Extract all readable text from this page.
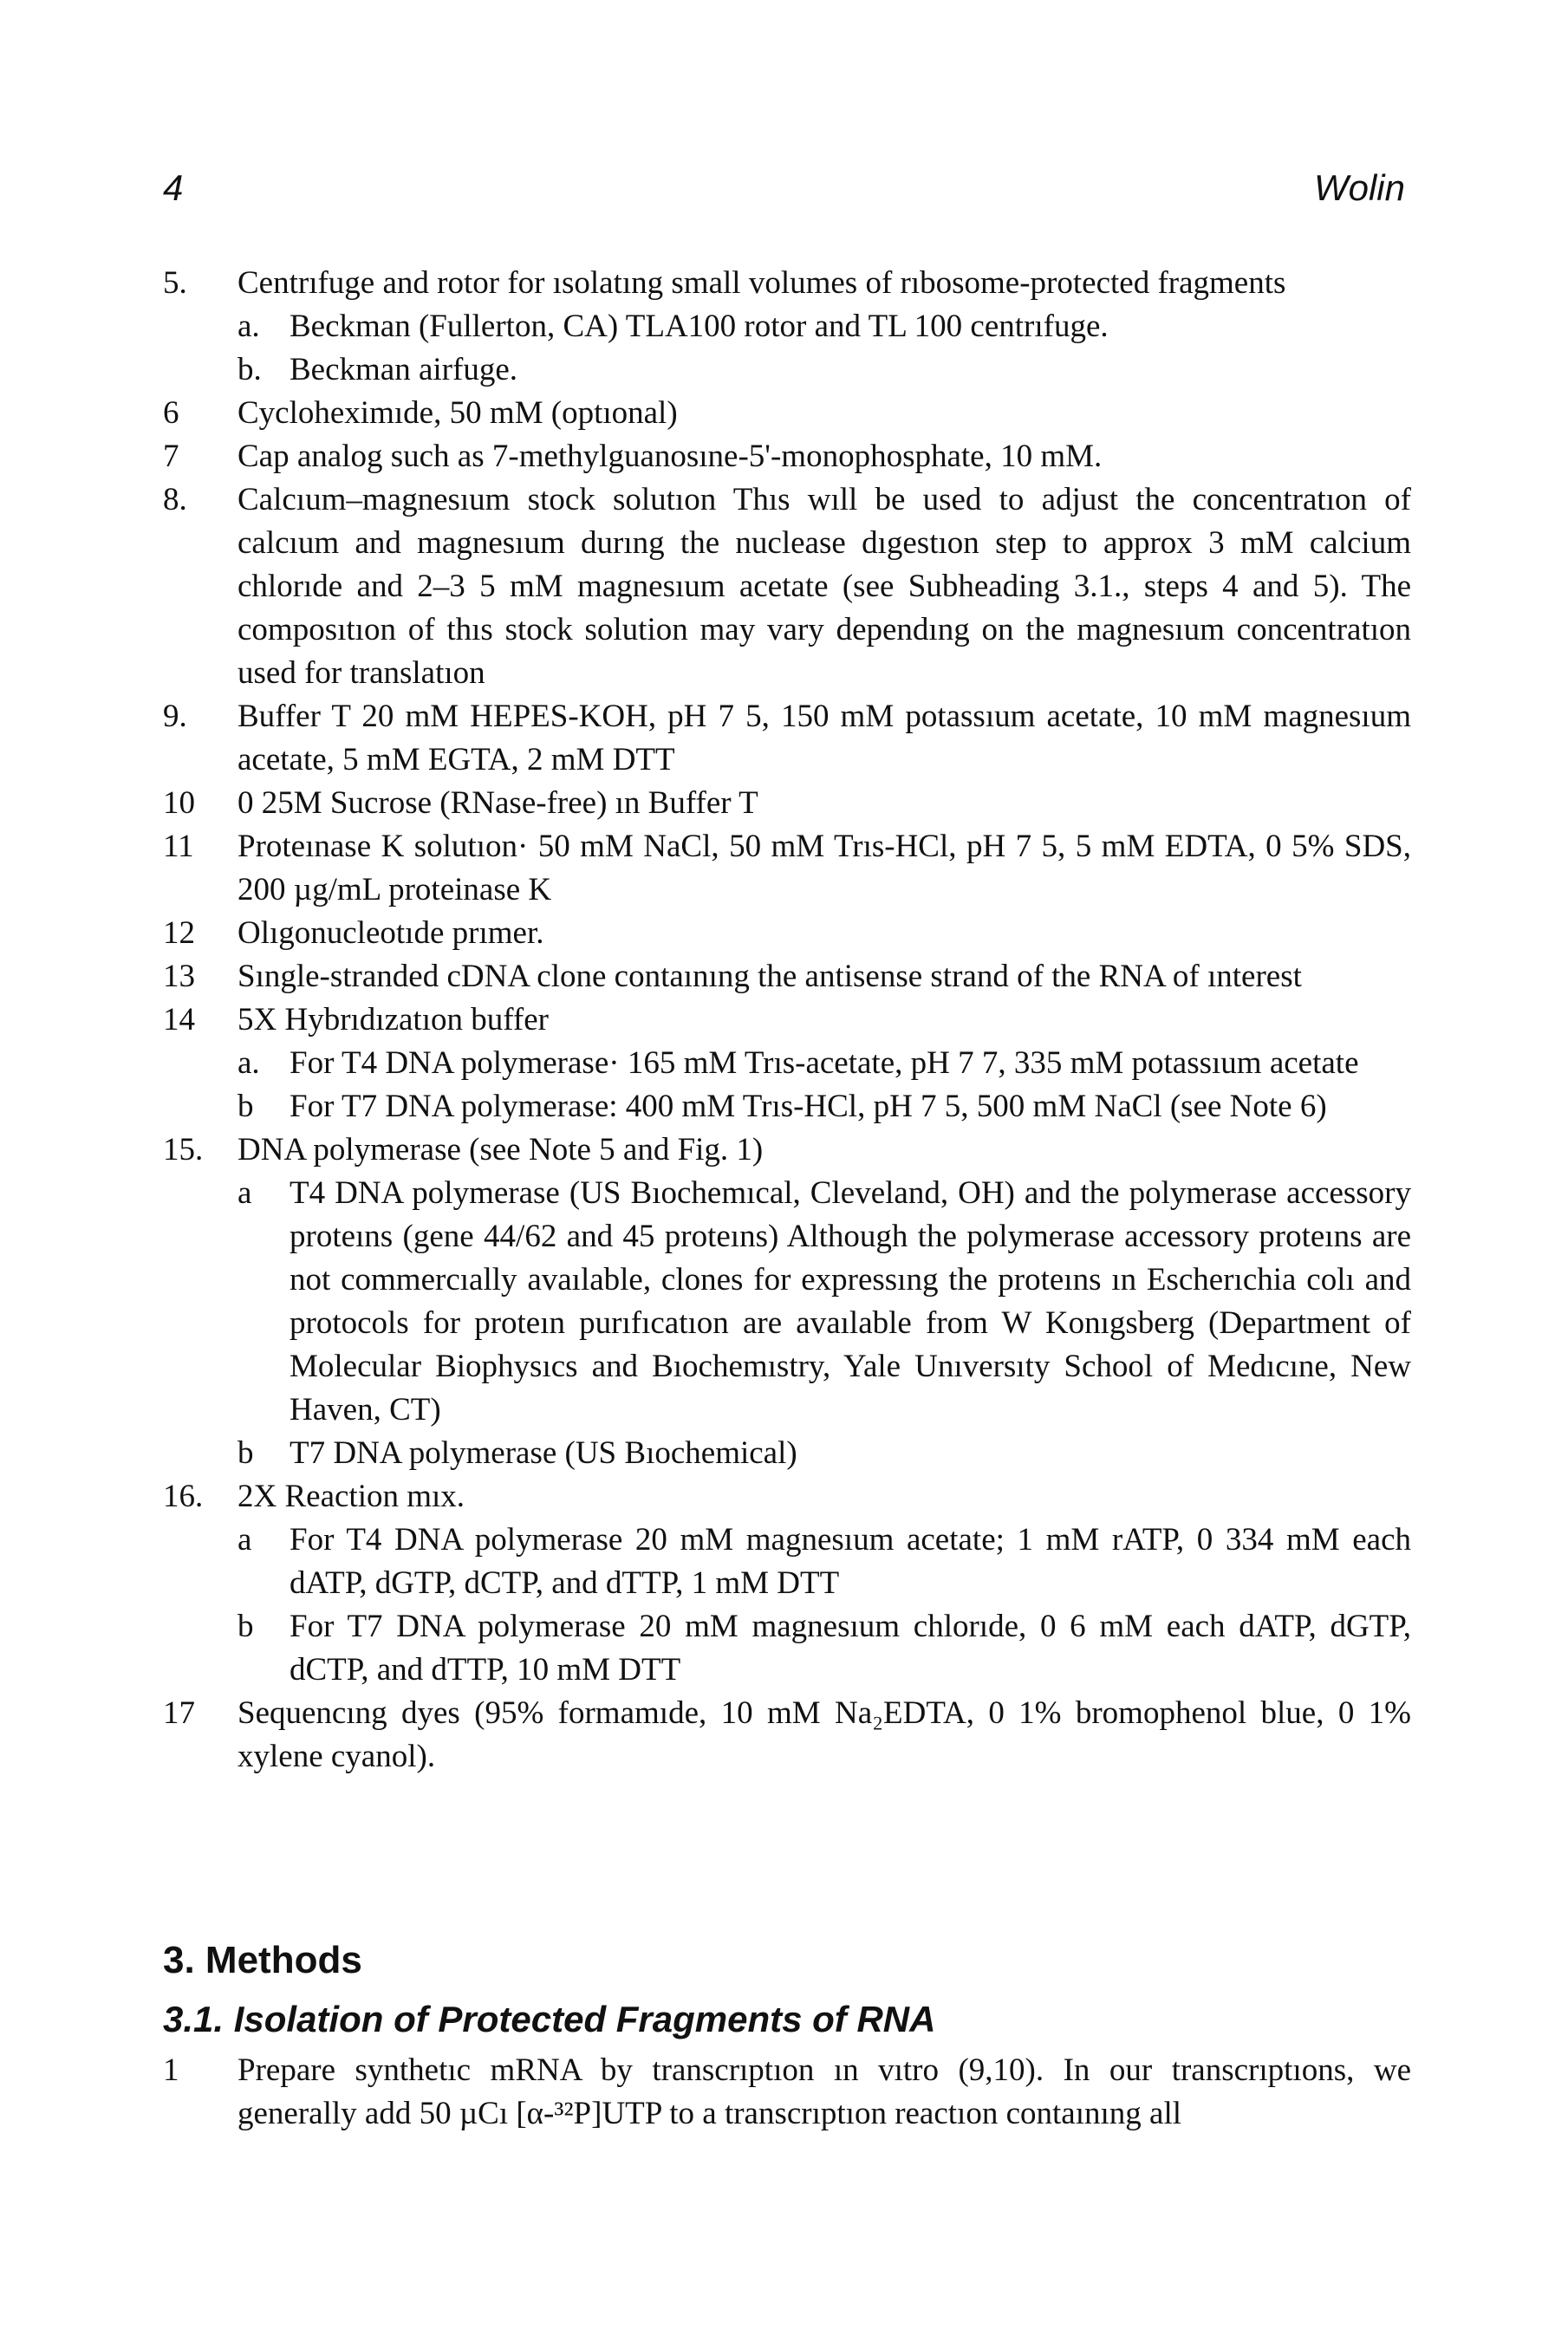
4	Wolin
5.	Centrıfuge and rotor for ısolatıng small volumes of rıbosome-protected fragments
a. Beckman (Fullerton, CA) TLA100 rotor and TL 100 centrıfuge.
b. Beckman airfuge.
6	Cycloheximıde, 50 mM (optıonal)
7	Cap analog such as 7-methylguanosıne-5'-monophosphate, 10 mM.
8.	Calcıum–magnesıum stock solutıon Thıs wıll be used to adjust the concentratıon of calcıum and magnesıum durıng the nuclease dıgestıon step to approx 3 mM calcium chlorıde and 2–3 5 mM magnesıum acetate (see Subheading 3.1., steps 4 and 5). The composıtıon of thıs stock solution may vary dependıng on the magnesıum concentratıon used for translatıon
9.	Buffer T 20 mM HEPES-KOH, pH 7 5, 150 mM potassıum acetate, 10 mM magnesıum acetate, 5 mM EGTA, 2 mM DTT
10	0 25M Sucrose (RNase-free) ın Buffer T
11	Proteınase K solutıon· 50 mM NaCl, 50 mM Trıs-HCl, pH 7 5, 5 mM EDTA, 0 5% SDS, 200 µg/mL proteinase K
12	Olıgonucleotıde prımer.
13	Sıngle-stranded cDNA clone contaınıng the antisense strand of the RNA of ınterest
14	5X Hybrıdızatıon buffer
a. For T4 DNA polymerase· 165 mM Trıs-acetate, pH 7 7, 335 mM potassıum acetate
b For T7 DNA polymerase: 400 mM Trıs-HCl, pH 7 5, 500 mM NaCl (see Note 6)
15.	DNA polymerase (see Note 5 and Fig. 1)
a T4 DNA polymerase (US Bıochemıcal, Cleveland, OH) and the polymerase accessory proteıns (gene 44/62 and 45 proteıns) Although the polymerase accessory proteıns are not commercıally avaılable, clones for expressıng the proteıns ın Escherıchia colı and protocols for proteın purıfıcatıon are avaılable from W Konıgsberg (Department of Molecular Biophysıcs and Bıochemıstry, Yale Unıversıty School of Medıcıne, New Haven, CT)
b T7 DNA polymerase (US Bıochemical)
16.	2X Reaction mıx.
a For T4 DNA polymerase 20 mM magnesıum acetate; 1 mM rATP, 0 334 mM each dATP, dGTP, dCTP, and dTTP, 1 mM DTT
b For T7 DNA polymerase 20 mM magnesıum chlorıde, 0 6 mM each dATP, dGTP, dCTP, and dTTP, 10 mM DTT
17	Sequencıng dyes (95% formamıde, 10 mM Na₂EDTA, 0 1% bromophenol blue, 0 1% xylene cyanol).
3. Methods
3.1. Isolation of Protected Fragments of RNA
1	Prepare synthetıc mRNA by transcrıptıon ın vıtro (9,10). In our transcrıptıons, we generally add 50 µCı [α-³²P]UTP to a transcrıptıon reactıon contaınıng all
